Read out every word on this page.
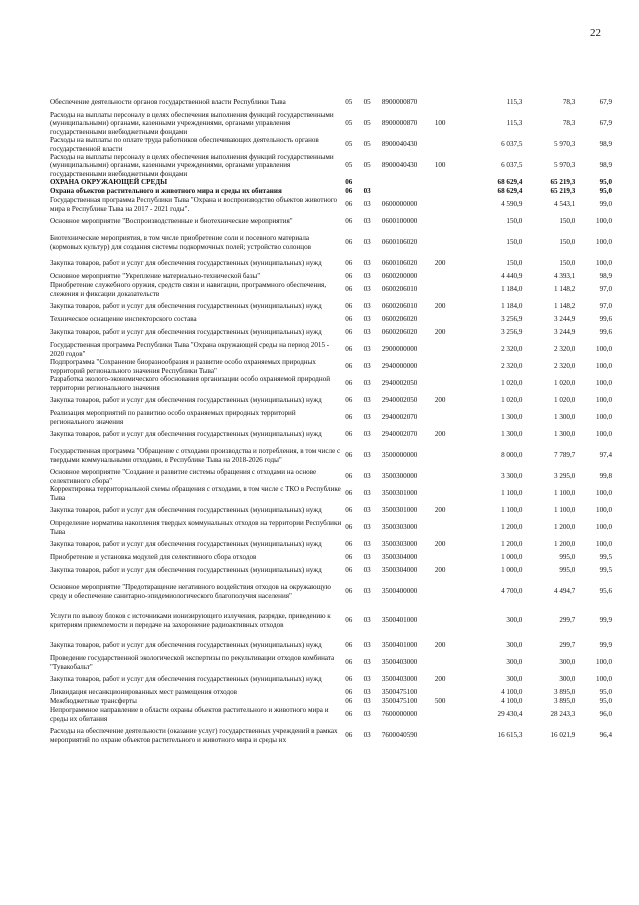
22
Обеспечение деятельности органов государственной власти Республики Тыва	05	05	8900000870		115,3	78,3	67,9
Расходы на выплаты персоналу в целях обеспечения выполнения функций государственными (муниципальными) органами, казенными учреждениями, органами управления государственными внебюджетными фондами	05	05	8900000870	100	115,3	78,3	67,9
Расходы на выплаты по оплате труда работников обеспечивающих деятельность органов государственной власти	05	05	8900040430		6 037,5	5 970,3	98,9
Расходы на выплаты персоналу в целях обеспечения выполнения функций государственными (муниципальными) органами, казенными учреждениями, органами управления государственными внебюджетными фондами	05	05	8900040430	100	6 037,5	5 970,3	98,9
ОХРАНА ОКРУЖАЮЩЕЙ СРЕДЫ	06				68 629,4	65 219,3	95,0
Охрана объектов растительного и животного мира и среды их обитания	06	03			68 629,4	65 219,3	95,0
Государственная программа Республики Тыва "Охрана и воспроизводство объектов животного мира в Республике Тыва на 2017 - 2021 годы".	06	03	0600000000		4 590,9	4 543,1	99,0
Основное мероприятие "Воспроизводственные и биотехнические мероприятия"	06	03	0600100000		150,0	150,0	100,0
Биотехнические мероприятия, в том числе приобретение соли и посевного материала (кормовых культур) для создания системы подкормочных полей; устройство солонцов	06	03	0600106020		150,0	150,0	100,0
Закупка товаров, работ и услуг для обеспечения государственных (муниципальных) нужд	06	03	0600106020	200	150,0	150,0	100,0
Основное мероприятие "Укрепление материально-технической базы"	06	03	0600200000		4 440,9	4 393,1	98,9
Приобретение служебного оружия, средств связи и навигации, программного обеспечения, слежения и фиксации доказательств	06	03	0600206010		1 184,0	1 148,2	97,0
Закупка товаров, работ и услуг для обеспечения государственных (муниципальных) нужд	06	03	0600206010	200	1 184,0	1 148,2	97,0
Техническое оснащение инспекторского состава	06	03	0600206020		3 256,9	3 244,9	99,6
Закупка товаров, работ и услуг для обеспечения государственных (муниципальных) нужд	06	03	0600206020	200	3 256,9	3 244,9	99,6
Государственная программа Республики Тыва "Охрана окружающей среды на период 2015 - 2020 годов"	06	03	2900000000		2 320,0	2 320,0	100,0
Подпрограмма "Сохранение биоразнообразия и развитие особо охраняемых природных территорий регионального значения Республики Тыва"	06	03	2940000000		2 320,0	2 320,0	100,0
Разработка эколого-экономического обоснования организации особо охраняемой природной территории регионального значения	06	03	2940002050		1 020,0	1 020,0	100,0
Закупка товаров, работ и услуг для обеспечения государственных (муниципальных) нужд	06	03	2940002050	200	1 020,0	1 020,0	100,0
Реализация мероприятий по развитию особо охраняемых природных территорий регионального значения	06	03	2940002070		1 300,0	1 300,0	100,0
Закупка товаров, работ и услуг для обеспечения государственных (муниципальных) нужд	06	03	2940002070	200	1 300,0	1 300,0	100,0
Государственная программа "Обращение с отходами производства и потребления, в том числе с твердыми коммунальными отходами, в Республике Тыва на 2018-2026 годы"	06	03	3500000000		8 000,0	7 789,7	97,4
Основное мероприятие "Создание и развитие системы обращения с отходами на основе селективного сбора"	06	03	3500300000		3 300,0	3 295,0	99,8
Корректировка территориальной схемы обращения с отходами, в том числе с ТКО в Республике Тыва	06	03	3500301000		1 100,0	1 100,0	100,0
Закупка товаров, работ и услуг для обеспечения государственных (муниципальных) нужд	06	03	3500301000	200	1 100,0	1 100,0	100,0
Определение норматива накопления твердых коммунальных отходов на территории Республики Тыва	06	03	3500303000		1 200,0	1 200,0	100,0
Закупка товаров, работ и услуг для обеспечения государственных (муниципальных) нужд	06	03	3500303000	200	1 200,0	1 200,0	100,0
Приобретение и установка модулей для селективного сбора отходов	06	03	3500304000		1 000,0	995,0	99,5
Закупка товаров, работ и услуг для обеспечения государственных (муниципальных) нужд	06	03	3500304000	200	1 000,0	995,0	99,5
Основное мероприятие "Предотвращение негативного воздействия отходов на окружающую среду и обеспечение санитарно-эпидемиологического благополучия населения"	06	03	3500400000		4 700,0	4 494,7	95,6
Услуги по вывозу блоков с источниками ионизирующего излучения, разрядке, приведению к критериям приемлемости и передаче на захоронение радиоактивных отходов	06	03	3500401000		300,0	299,7	99,9
Закупка товаров, работ и услуг для обеспечения государственных (муниципальных) нужд	06	03	3500401000	200	300,0	299,7	99,9
Проведение государственной экологической экспертизы по рекультивации отходов комбината "Тувакобальт"	06	03	3500403000		300,0	300,0	100,0
Закупка товаров, работ и услуг для обеспечения государственных (муниципальных) нужд	06	03	3500403000	200	300,0	300,0	100,0
Ликвидация несанкционированных мест размещения отходов	06	03	3500475100		4 100,0	3 895,0	95,0
Межбюджетные трансферты	06	03	3500475100	500	4 100,0	3 895,0	95,0
Непрограммное направление в области охраны объектов растительного и животного мира и среды их обитания	06	03	7600000000		29 430,4	28 243,3	96,0
Расходы на обеспечение деятельности (оказание услуг) государственных учреждений в рамках мероприятий по охране объектов растительного и животного мира и среды их	06	03	7600040590		16 615,3	16 021,9	96,4
